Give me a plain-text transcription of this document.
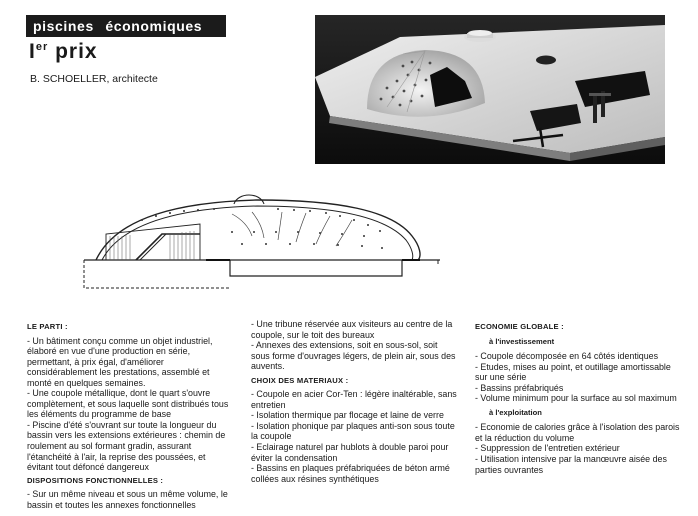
piscines économiques
Ier prix
B. SCHOELLER, architecte

LE PARTI :

- Un bâtiment conçu comme un objet industriel, élaboré en vue d'une production en série, permettant, à prix égal, d'améliorer considérablement les prestations, assemblé et monté en quelques semaines.

- Une coupole métallique, dont le quart s'ouvre complètement, et sous laquelle sont distribués tous les éléments du programme de base

- Piscine d'été s'ouvrant sur toute la longueur du bassin vers les extensions extérieures : chemin de roulement au sol formant gradin, assurant l'étanchéité à l'air, la reprise des poussées, et évitant tout défoncé dangereux

DISPOSITIONS FONCTIONNELLES :

- Sur un même niveau et sous un même volume, le bassin et toutes les annexes fonctionnelles

- Une tribune réservée aux visiteurs au centre de la coupole, sur le toit des bureaux

- Annexes des extensions, soit en sous-sol, soit sous forme d'ouvrages légers, de plein air, sous des auvents.

CHOIX DES MATERIAUX :

- Coupole en acier Cor-Ten : légère inaltérable, sans entretien

- Isolation thermique par flocage et laine de verre

- Isolation phonique par plaques anti-son sous toute la coupole

- Eclairage naturel par hublots à double paroi pour éviter la condensation

- Bassins en plaques préfabriquées de béton armé collées aux résines synthétiques

ECONOMIE GLOBALE :

à l'investissement

- Coupole décomposée en 64 côtés identiques

- Etudes, mises au point, et outillage amortissable sur une série

- Bassins préfabriqués

- Volume minimum pour la surface au sol maximum

à l'exploitation

- Economie de calories grâce à l'isolation des parois et la réduction du volume

- Suppression de l'entretien extérieur

- Utilisation intensive par la manœuvre aisée des parties ouvrantes
